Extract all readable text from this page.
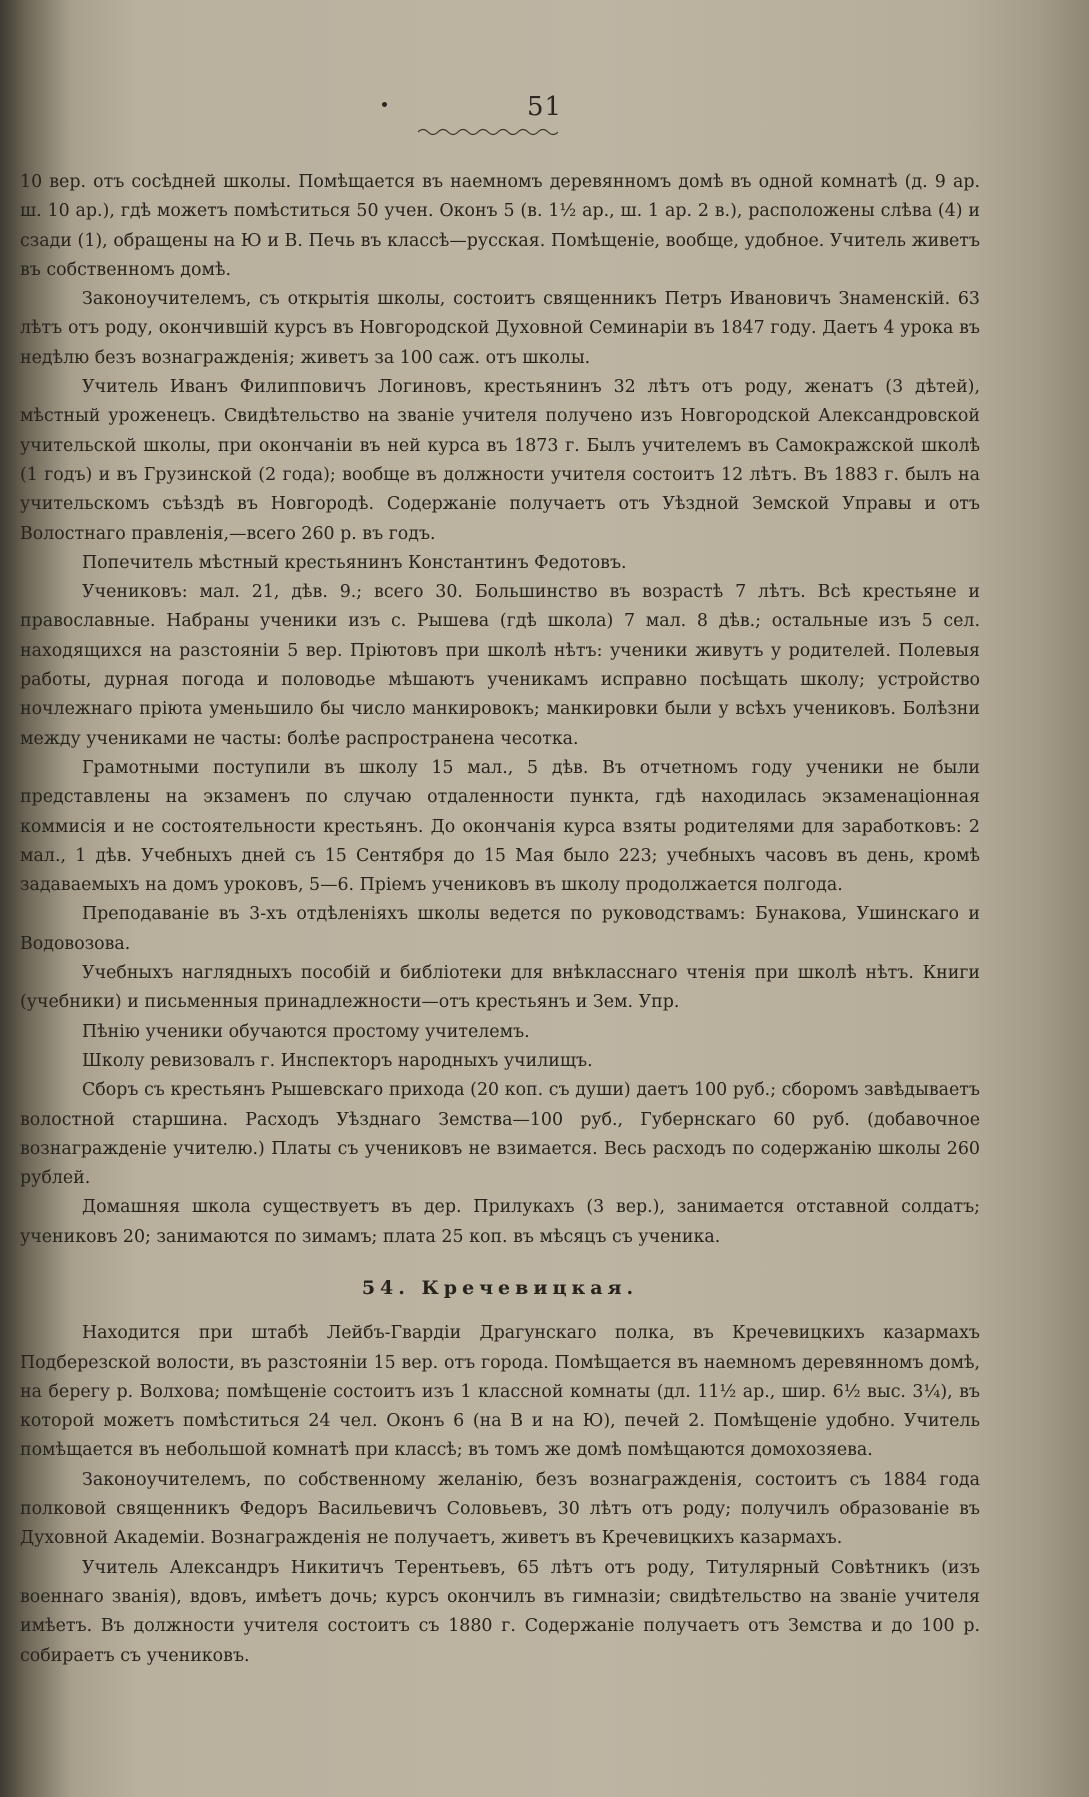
51

10 вер. отъ сосѣдней школы. Помѣщается въ наемномъ деревянномъ домѣ въ одной комнатѣ (д. 9 ар. ш. 10 ар.), гдѣ можетъ помѣститься 50 учен. Оконъ 5 (в. 1½ ар., ш. 1 ар. 2 в.), расположены слѣва (4) и сзади (1), обращены на Ю и В. Печь въ классѣ—русская. Помѣщеніе, вообще, удобное. Учитель живетъ въ собственномъ домѣ.

Законоучителемъ, съ открытія школы, состоитъ священникъ Петръ Ивановичъ Знаменскій. 63 лѣтъ отъ роду, окончившій курсъ въ Новгородской Духовной Семинаріи въ 1847 году. Даетъ 4 урока въ недѣлю безъ вознагражденія; живетъ за 100 саж. отъ школы.

Учитель Иванъ Филипповичъ Логиновъ, крестьянинъ 32 лѣтъ отъ роду, женатъ (3 дѣтей), мѣстный уроженецъ. Свидѣтельство на званіе учителя получено изъ Новгородской Александровской учительской школы, при окончаніи въ ней курса въ 1873 г. Былъ учителемъ въ Самокражской школѣ (1 годъ) и въ Грузинской (2 года); вообще въ должности учителя состоитъ 12 лѣтъ. Въ 1883 г. былъ на учительскомъ съѣздѣ въ Новгородѣ. Содержаніе получаетъ отъ Уѣздной Земской Управы и отъ Волостнаго правленія,—всего 260 р. въ годъ.

Попечитель мѣстный крестьянинъ Константинъ Федотовъ.

Учениковъ: мал. 21, дѣв. 9.; всего 30. Большинство въ возрастѣ 7 лѣтъ. Всѣ крестьяне и православные. Набраны ученики изъ с. Рышева (гдѣ школа) 7 мал. 8 дѣв.; остальные изъ 5 сел. находящихся на разстояніи 5 вер. Пріютовъ при школѣ нѣтъ: ученики живутъ у родителей. Полевыя работы, дурная погода и половодье мѣшаютъ ученикамъ исправно посѣщать школу; устройство ночлежнаго пріюта уменьшило бы число манкировокъ; манкировки были у всѣхъ учениковъ. Болѣзни между учениками не часты: болѣе распространена чесотка.

Грамотными поступили въ школу 15 мал., 5 дѣв. Въ отчетномъ году ученики не были представлены на экзаменъ по случаю отдаленности пункта, гдѣ находилась экзаменаціонная коммисія и не состоятельности крестьянъ. До окончанія курса взяты родителями для заработковъ: 2 мал., 1 дѣв. Учебныхъ дней съ 15 Сентября до 15 Мая было 223; учебныхъ часовъ въ день, кромѣ задаваемыхъ на домъ уроковъ, 5—6. Пріемъ учениковъ въ школу продолжается полгода.

Преподаваніе въ 3-хъ отдѣленіяхъ школы ведется по руководствамъ: Бунакова, Ушинскаго и Водовозова.

Учебныхъ наглядныхъ пособій и библіотеки для внѣкласснаго чтенія при школѣ нѣтъ. Книги (учебники) и письменныя принадлежности—отъ крестьянъ и Зем. Упр.

Пѣнію ученики обучаются простому учителемъ.

Школу ревизовалъ г. Инспекторъ народныхъ училищъ.

Сборъ съ крестьянъ Рышевскаго прихода (20 коп. съ души) даетъ 100 руб.; сборомъ завѣдываетъ волостной старшина. Расходъ Уѣзднаго Земства—100 руб., Губернскаго 60 руб. (добавочное вознагражденіе учителю.) Платы съ учениковъ не взимается. Весь расходъ по содержанію школы 260 рублей.

Домашняя школа существуетъ въ дер. Прилукахъ (3 вер.), занимается отставной солдатъ; учениковъ 20; занимаются по зимамъ; плата 25 коп. въ мѣсяцъ съ ученика.

54. Кречевицкая.

Находится при штабѣ Лейбъ-Гвардіи Драгунскаго полка, въ Кречевицкихъ казармахъ Подберезской волости, въ разстояніи 15 вер. отъ города. Помѣщается въ наемномъ деревянномъ домѣ, на берегу р. Волхова; помѣщеніе состоитъ изъ 1 классной комнаты (дл. 11½ ар., шир. 6½ выс. 3¼), въ которой можетъ помѣститься 24 чел. Оконъ 6 (на В и на Ю), печей 2. Помѣщеніе удобно. Учитель помѣщается въ небольшой комнатѣ при классѣ; въ томъ же домѣ помѣщаются домохозяева.

Законоучителемъ, по собственному желанію, безъ вознагражденія, состоитъ съ 1884 года полковой священникъ Федоръ Васильевичъ Соловьевъ, 30 лѣтъ отъ роду; получилъ образованіе въ Духовной Академіи. Вознагражденія не получаетъ, живетъ въ Кречевицкихъ казармахъ.

Учитель Александръ Никитичъ Терентьевъ, 65 лѣтъ отъ роду, Титулярный Совѣтникъ (изъ военнаго званія), вдовъ, имѣетъ дочь; курсъ окончилъ въ гимназіи; свидѣтельство на званіе учителя имѣетъ. Въ должности учителя состоитъ съ 1880 г. Содержаніе получаетъ отъ Земства и до 100 р. собираетъ съ учениковъ.
